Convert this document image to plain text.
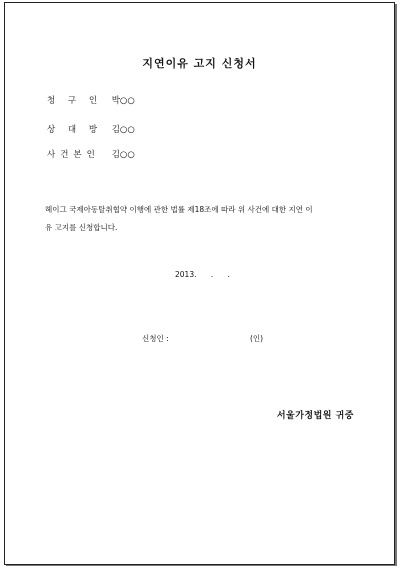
지연이유 고지 신청서
청 구 인 박○○
상 대 방 김○○
사건본인 김○○
헤이그 국제아동탈취협약 이행에 관한 법률 제18조에 따라 위 사건에 대한 지연 이
유 고지를 신청합니다.
2013.      .      .
신청인 :	(인)
서울가정법원 귀중
